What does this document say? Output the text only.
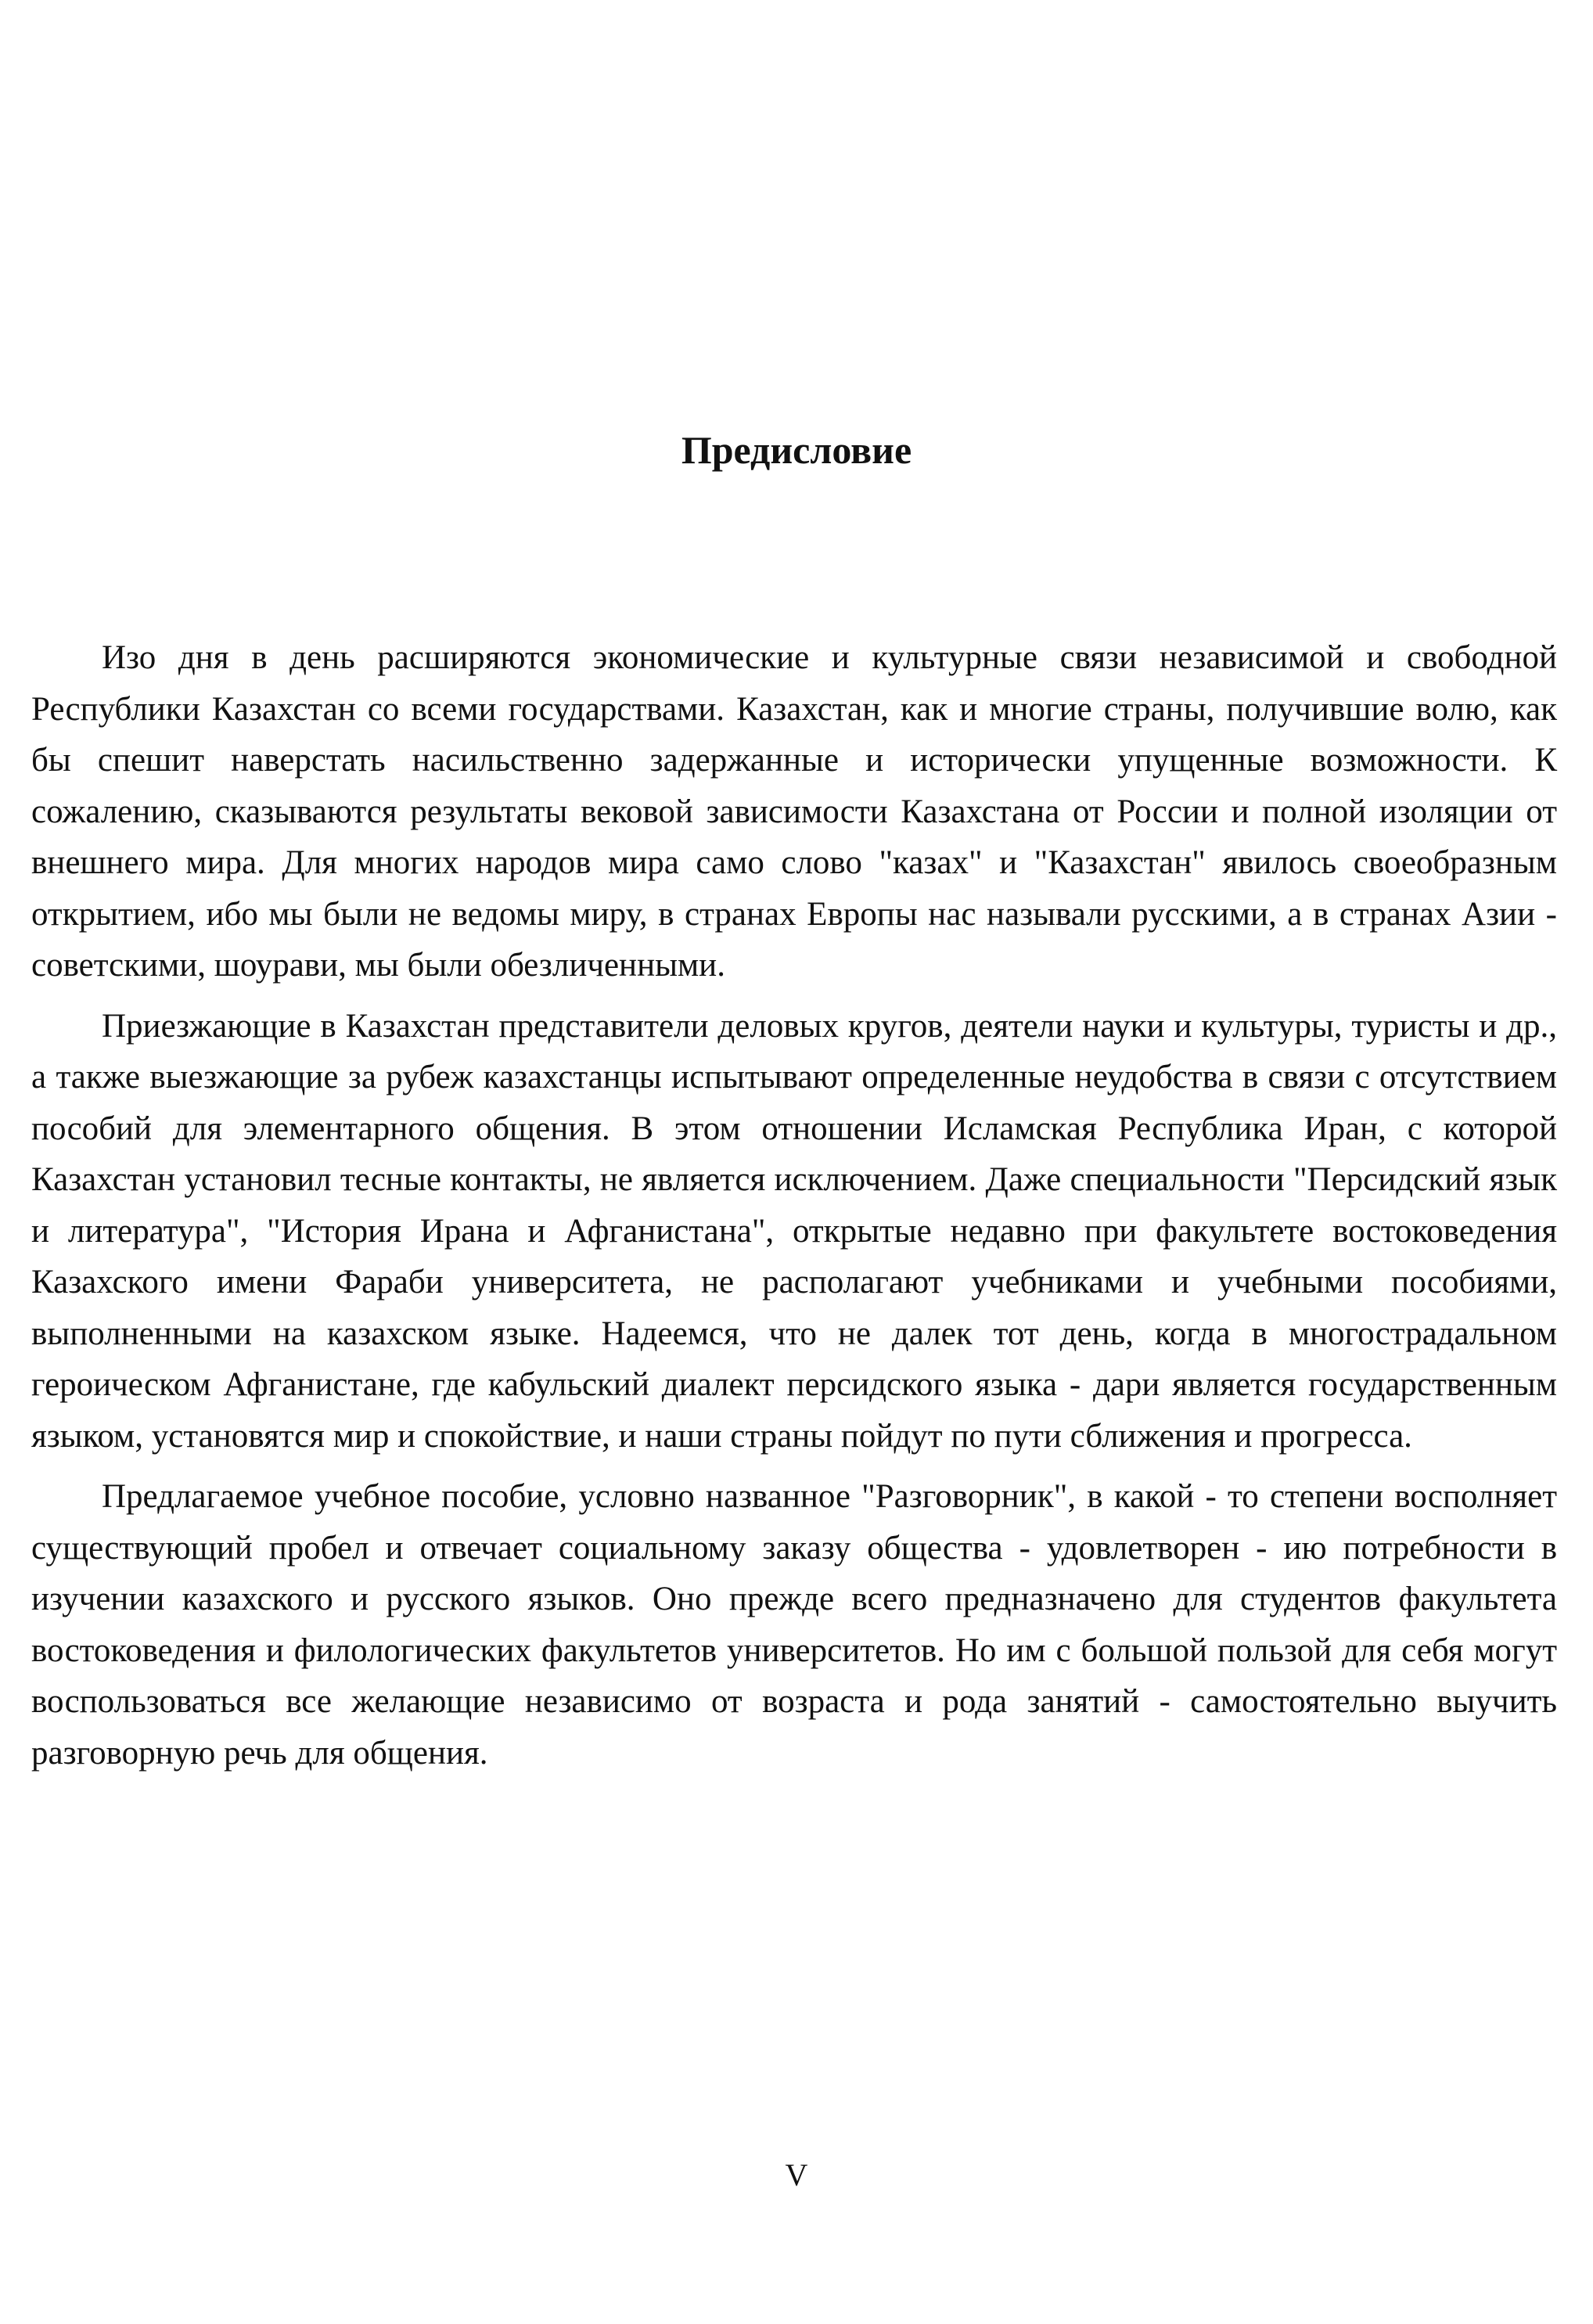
Предисловие

Изо дня в день расширяются экономические и культурные связи независимой и свободной Республики Казахстан со всеми государствами. Казахстан, как и многие страны, получившие волю, как бы спешит наверстать насильственно задержанные и исторически упущенные возможности. К сожалению, сказываются результаты вековой зависимости Казахстана от России и полной изоляции от внешнего мира. Для многих народов мира само слово "казах" и "Казахстан" явилось своеобразным открытием, ибо мы были не ведомы миру, в странах Европы нас называли русскими, а в странах Азии - советскими, шоурави, мы были обезличенными.

Приезжающие в Казахстан представители деловых кругов, деятели науки и культуры, туристы и др., а также выезжающие за рубеж казахстанцы испытывают определенные неудобства в связи с отсутствием пособий для элементарного общения. В этом отношении Исламская Республика Иран, с которой Казахстан установил тесные контакты, не является исключением. Даже специальности "Персидский язык и литература", "История Ирана и Афганистана", открытые недавно при факультете востоковедения Казахского имени Фараби университета, не располагают учебниками и учебными пособиями, выполненными на казахском языке. Надеемся, что не далек тот день, когда в многострадальном героическом Афганистане, где кабульский диалект персидского языка - дари является государственным языком, установятся мир и спокойствие, и наши страны пойдут по пути сближения и прогресса.

Предлагаемое учебное пособие, условно названное "Разговорник", в какой - то степени восполняет существующий пробел и отвечает социальному заказу общества - удовлетворен - ию потребности в изучении казахского и русского языков. Оно прежде всего предназначено для студентов факультета востоковедения и филологических факультетов университетов. Но им с большой пользой для себя могут воспользоваться все желающие независимо от возраста и рода занятий - самостоятельно выучить разговорную речь для общения.

V
